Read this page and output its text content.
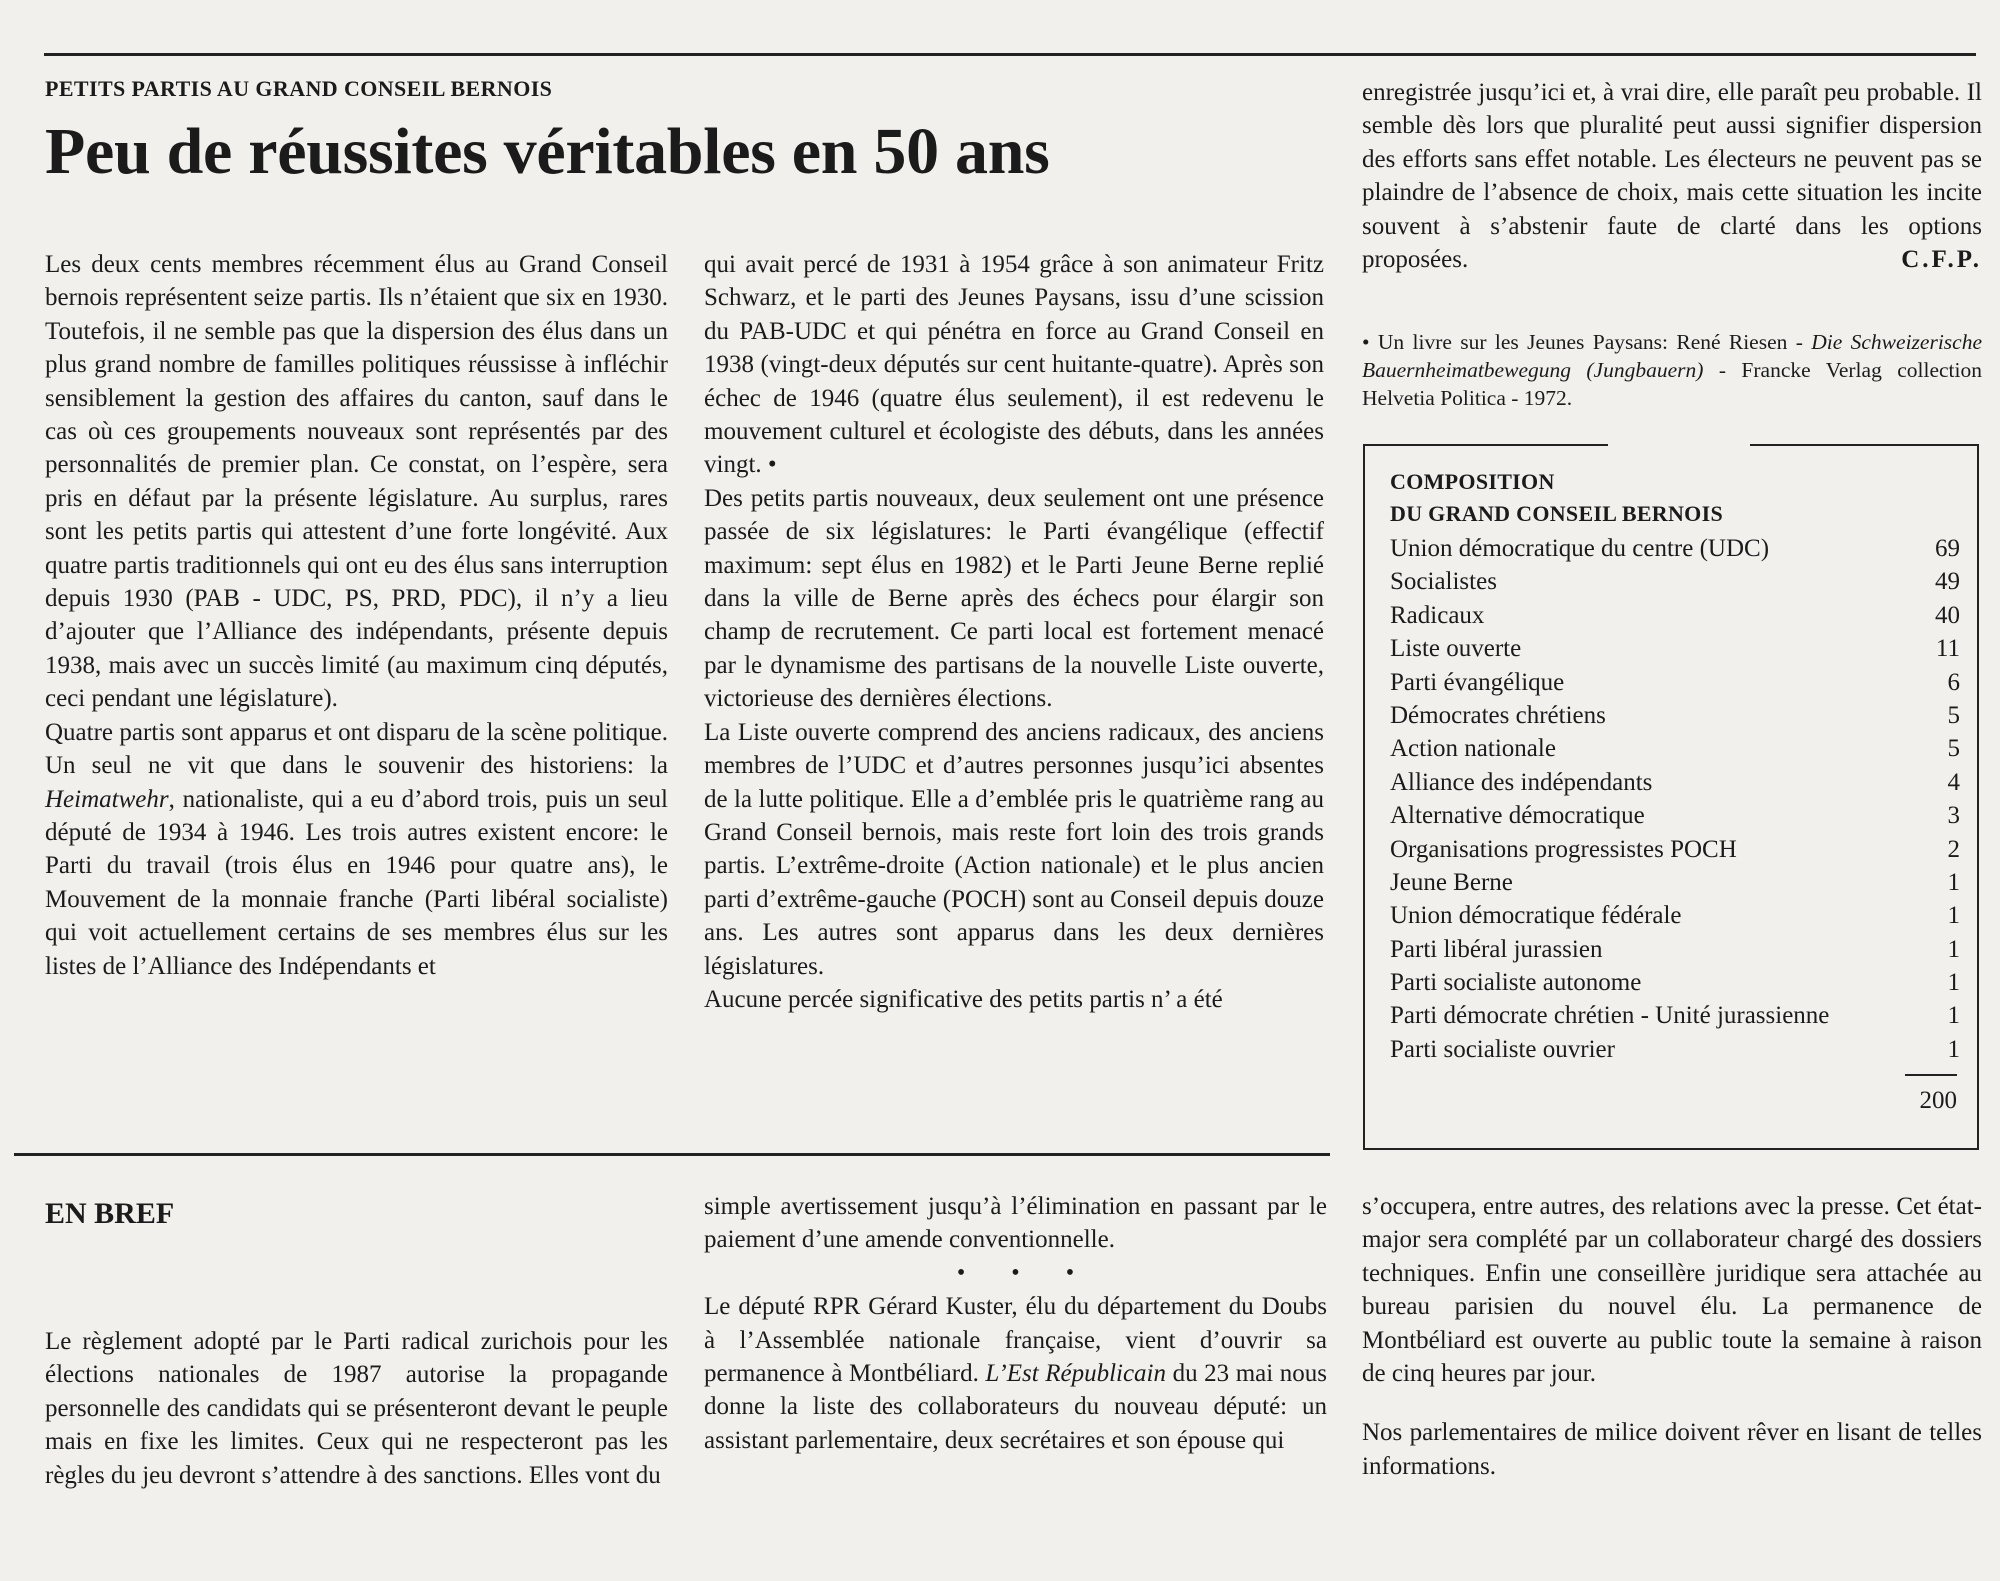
PETITS PARTIS AU GRAND CONSEIL BERNOIS
Peu de réussites véritables en 50 ans

Les deux cents membres récemment élus au Grand Conseil bernois représentent seize partis. Ils n’étaient que six en 1930. Toutefois, il ne semble pas que la dispersion des élus dans un plus grand nombre de familles politiques réussisse à infléchir sensiblement la gestion des affaires du canton, sauf dans le cas où ces groupements nouveaux sont représentés par des personnalités de premier plan. Ce constat, on l’espère, sera pris en défaut par la présente législature. Au surplus, rares sont les petits partis qui attestent d’une forte longévité. Aux quatre partis traditionnels qui ont eu des élus sans interruption depuis 1930 (PAB - UDC, PS, PRD, PDC), il n’y a lieu d’ajouter que l’Alliance des indépendants, présente depuis 1938, mais avec un succès limité (au maximum cinq députés, ceci pendant une législature).

Quatre partis sont apparus et ont disparu de la scène politique. Un seul ne vit que dans le souvenir des historiens: la Heimatwehr, nationaliste, qui a eu d’abord trois, puis un seul député de 1934 à 1946. Les trois autres existent encore: le Parti du travail (trois élus en 1946 pour quatre ans), le Mouvement de la monnaie franche (Parti libéral socialiste) qui voit actuellement certains de ses membres élus sur les listes de l’Alliance des Indépendants et

qui avait percé de 1931 à 1954 grâce à son animateur Fritz Schwarz, et le parti des Jeunes Paysans, issu d’une scission du PAB-UDC et qui pénétra en force au Grand Conseil en 1938 (vingt-deux députés sur cent huitante-quatre). Après son échec de 1946 (quatre élus seulement), il est redevenu le mouvement culturel et écologiste des débuts, dans les années vingt. •

Des petits partis nouveaux, deux seulement ont une présence passée de six législatures: le Parti évangélique (effectif maximum: sept élus en 1982) et le Parti Jeune Berne replié dans la ville de Berne après des échecs pour élargir son champ de recrutement. Ce parti local est fortement menacé par le dynamisme des partisans de la nouvelle Liste ouverte, victorieuse des dernières élections.

La Liste ouverte comprend des anciens radicaux, des anciens membres de l’UDC et d’autres personnes jusqu’ici absentes de la lutte politique. Elle a d’emblée pris le quatrième rang au Grand Conseil bernois, mais reste fort loin des trois grands partis. L’extrême-droite (Action nationale) et le plus ancien parti d’extrême-gauche (POCH) sont au Conseil depuis douze ans. Les autres sont apparus dans les deux dernières législatures.

Aucune percée significative des petits partis n’ a été

enregistrée jusqu’ici et, à vrai dire, elle paraît peu probable. Il semble dès lors que pluralité peut aussi signifier dispersion des efforts sans effet notable. Les électeurs ne peuvent pas se plaindre de l’absence de choix, mais cette situation les incite souvent à s’abstenir faute de clarté dans les options proposées.	C.F.P.

• Un livre sur les Jeunes Paysans: René Riesen - Die Schweizerische Bauernheimatbewegung (Jungbauern) - Francke Verlag collection Helvetia Politica - 1972.

COMPOSITION
DU GRAND CONSEIL BERNOIS
Union démocratique du centre (UDC)	69
Socialistes	49
Radicaux	40
Liste ouverte	11
Parti évangélique	6
Démocrates chrétiens	5
Action nationale	5
Alliance des indépendants	4
Alternative démocratique	3
Organisations progressistes POCH	2
Jeune Berne	1
Union démocratique fédérale	1
Parti libéral jurassien	1
Parti socialiste autonome	1
Parti démocrate chrétien - Unité jurassienne	1
Parti socialiste ouvrier	1
200
EN BREF

Le règlement adopté par le Parti radical zurichois pour les élections nationales de 1987 autorise la propagande personnelle des candidats qui se présenteront devant le peuple mais en fixe les limites. Ceux qui ne respecteront pas les règles du jeu devront s’attendre à des sanctions. Elles vont du

simple avertissement jusqu’à l’élimination en passant par le paiement d’une amende conventionnelle.

• • •

Le député RPR Gérard Kuster, élu du département du Doubs à l’Assemblée nationale française, vient d’ouvrir sa permanence à Montbéliard. L’Est Républicain du 23 mai nous donne la liste des collaborateurs du nouveau député: un assistant parlementaire, deux secrétaires et son épouse qui

s’occupera, entre autres, des relations avec la presse. Cet état-major sera complété par un collaborateur chargé des dossiers techniques. Enfin une conseillère juridique sera attachée au bureau parisien du nouvel élu. La permanence de Montbéliard est ouverte au public toute la semaine à raison de cinq heures par jour.

Nos parlementaires de milice doivent rêver en lisant de telles informations.
